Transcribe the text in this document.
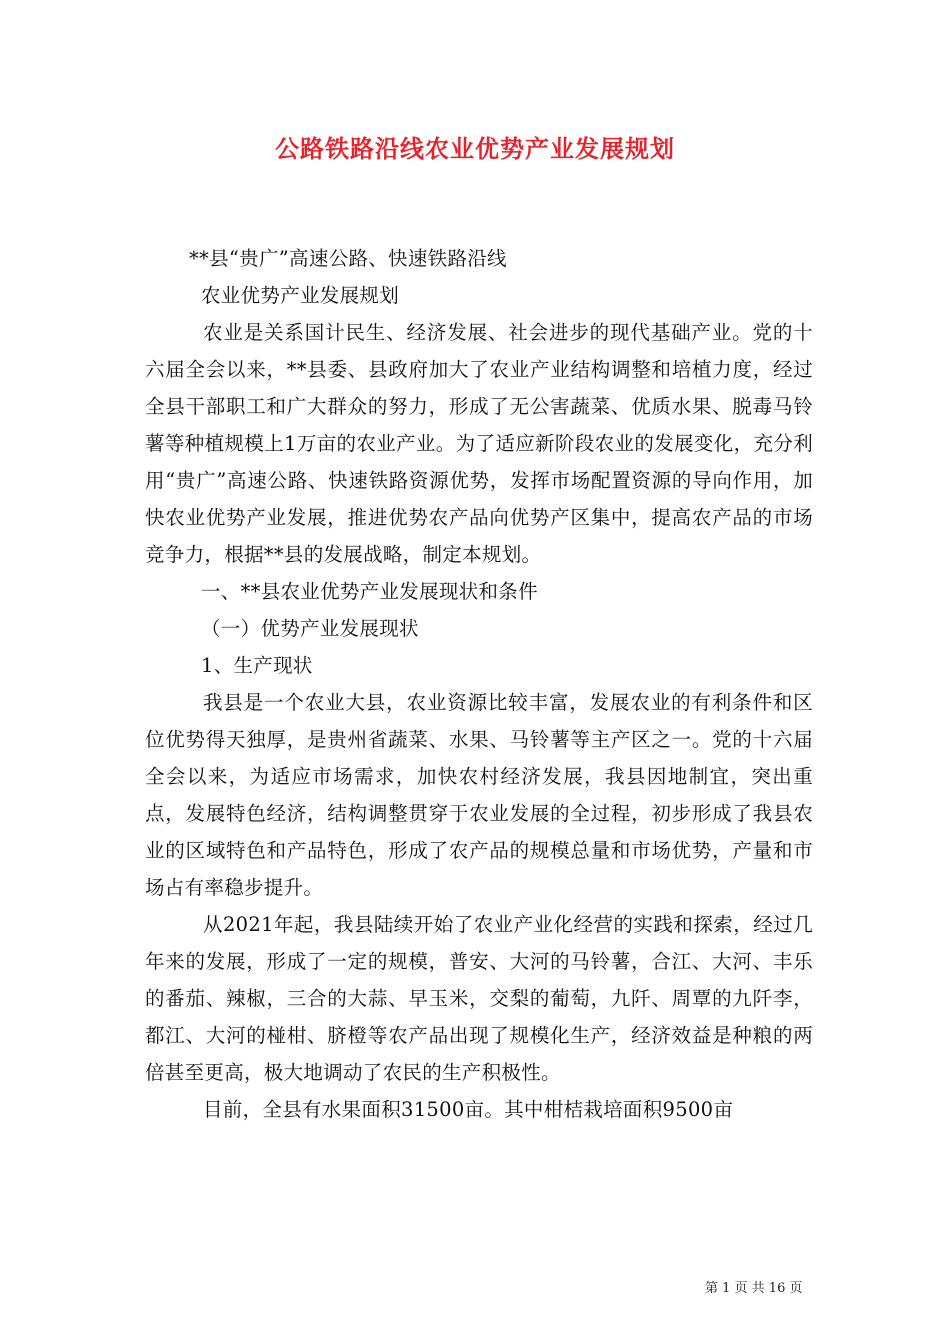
公路铁路沿线农业优势产业发展规划

**县“贵广”高速公路、快速铁路沿线

农业优势产业发展规划

农业是关系国计民生、经济发展、社会进步的现代基础产业。党的十六届全会以来，**县委、县政府加大了农业产业结构调整和培植力度，经过全县干部职工和广大群众的努力，形成了无公害蔬菜、优质水果、脱毒马铃薯等种植规模上1万亩的农业产业。为了适应新阶段农业的发展变化，充分利用“贵广”高速公路、快速铁路资源优势，发挥市场配置资源的导向作用，加快农业优势产业发展，推进优势农产品向优势产区集中，提高农产品的市场竞争力，根据**县的发展战略，制定本规划。

一、**县农业优势产业发展现状和条件

（一）优势产业发展现状

1、生产现状

我县是一个农业大县，农业资源比较丰富，发展农业的有利条件和区位优势得天独厚，是贵州省蔬菜、水果、马铃薯等主产区之一。党的十六届全会以来，为适应市场需求，加快农村经济发展，我县因地制宜，突出重点，发展特色经济，结构调整贯穿于农业发展的全过程，初步形成了我县农业的区域特色和产品特色，形成了农产品的规模总量和市场优势，产量和市场占有率稳步提升。

从2021年起，我县陆续开始了农业产业化经营的实践和探索，经过几年来的发展，形成了一定的规模，普安、大河的马铃薯，合江、大河、丰乐的番茄、辣椒，三合的大蒜、早玉米，交梨的葡萄，九阡、周覃的九阡李，都江、大河的椪柑、脐橙等农产品出现了规模化生产，经济效益是种粮的两倍甚至更高，极大地调动了农民的生产积极性。

目前，全县有水果面积31500亩。其中柑桔栽培面积9500亩

第 1 页 共 16 页
